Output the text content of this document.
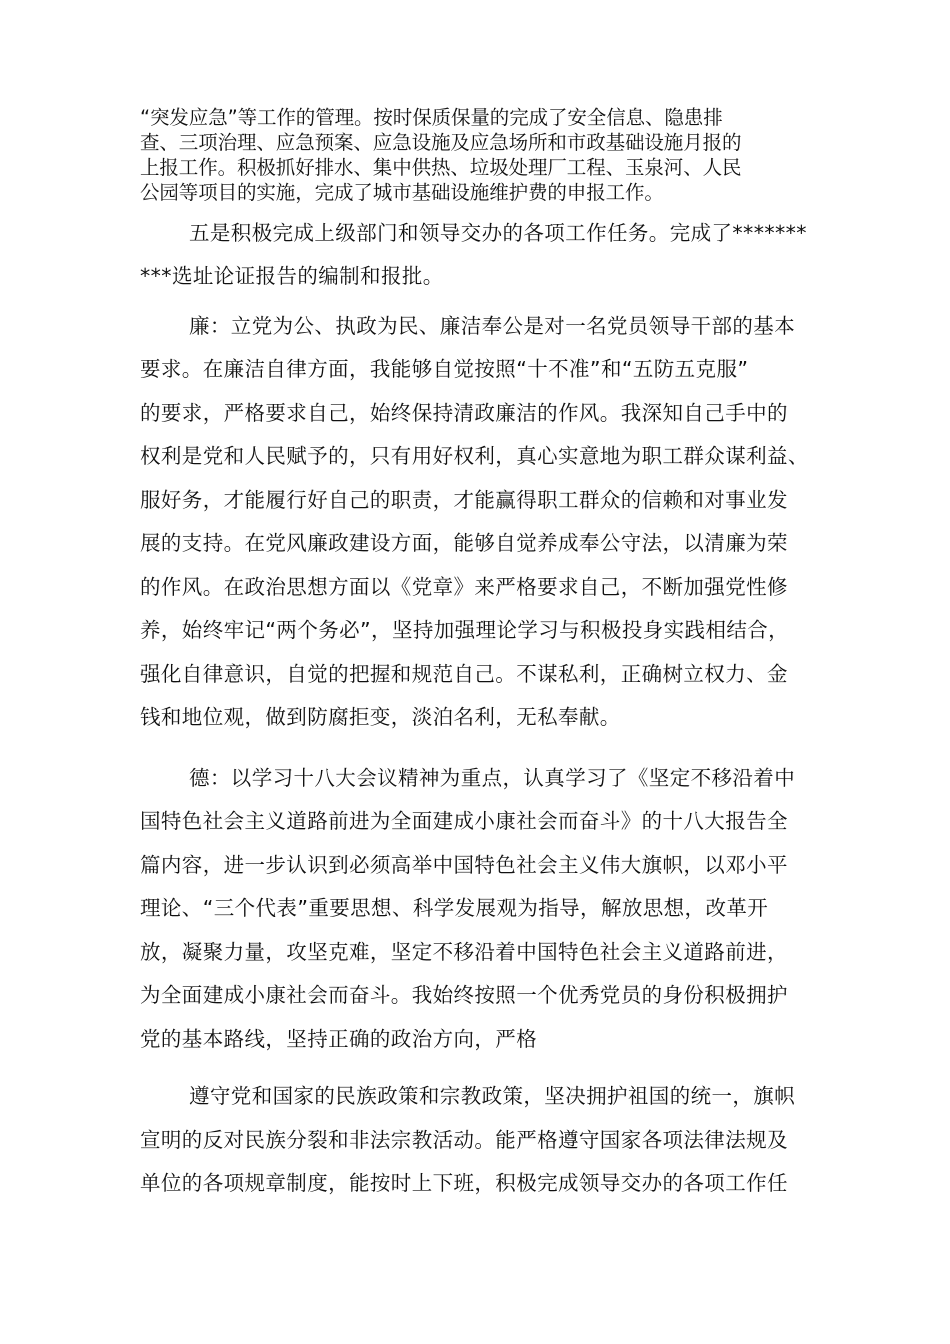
“突发应急”等工作的管理。按时保质保量的完成了安全信息、隐患排
查、三项治理、应急预案、应急设施及应急场所和市政基础设施月报的
上报工作。积极抓好排水、集中供热、垃圾处理厂工程、玉泉河、人民
公园等项目的实施，完成了城市基础设施维护费的申报工作。
五是积极完成上级部门和领导交办的各项工作任务。完成了*******
***选址论证报告的编制和报批。
廉：立党为公、执政为民、廉洁奉公是对一名党员领导干部的基本
要求。在廉洁自律方面，我能够自觉按照“十不准”和“五防五克服”
的要求，严格要求自己，始终保持清政廉洁的作风。我深知自己手中的
权利是党和人民赋予的，只有用好权利，真心实意地为职工群众谋利益、
服好务，才能履行好自己的职责，才能赢得职工群众的信赖和对事业发
展的支持。在党风廉政建设方面，能够自觉养成奉公守法，以清廉为荣
的作风。在政治思想方面以《党章》来严格要求自己，不断加强党性修
养，始终牢记“两个务必”，坚持加强理论学习与积极投身实践相结合，
强化自律意识，自觉的把握和规范自己。不谋私利，正确树立权力、金
钱和地位观，做到防腐拒变，淡泊名利，无私奉献。
德：以学习十八大会议精神为重点，认真学习了《坚定不移沿着中
国特色社会主义道路前进为全面建成小康社会而奋斗》的十八大报告全
篇内容，进一步认识到必须高举中国特色社会主义伟大旗帜，以邓小平
理论、“三个代表”重要思想、科学发展观为指导，解放思想，改革开
放，凝聚力量，攻坚克难，坚定不移沿着中国特色社会主义道路前进，
为全面建成小康社会而奋斗。我始终按照一个优秀党员的身份积极拥护
党的基本路线，坚持正确的政治方向，严格
遵守党和国家的民族政策和宗教政策，坚决拥护祖国的统一，旗帜
宣明的反对民族分裂和非法宗教活动。能严格遵守国家各项法律法规及
单位的各项规章制度，能按时上下班，积极完成领导交办的各项工作任
